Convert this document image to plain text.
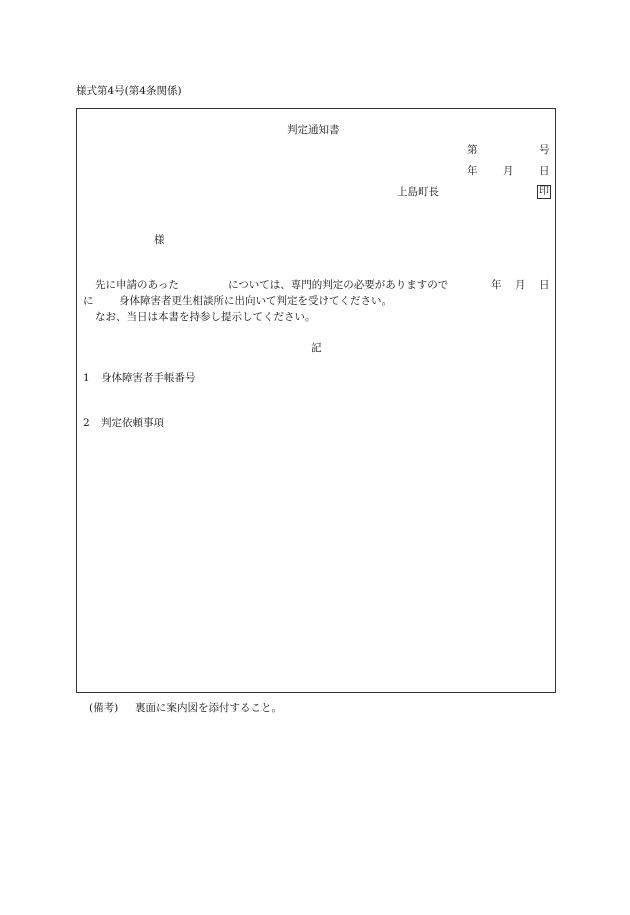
様式第4号(第4条関係)
判定通知書
第	号
年 月 日
上島町長	印
様
先に申請のあった	については、専門的判定の必要がありますので	年 月 日
に 身体障害者更生相談所に出向いて判定を受けてください。
なお、当日は本書を持参し提示してください。
記
1 身体障害者手帳番号
2 判定依頼事項
(備考) 裏面に案内図を添付すること。
